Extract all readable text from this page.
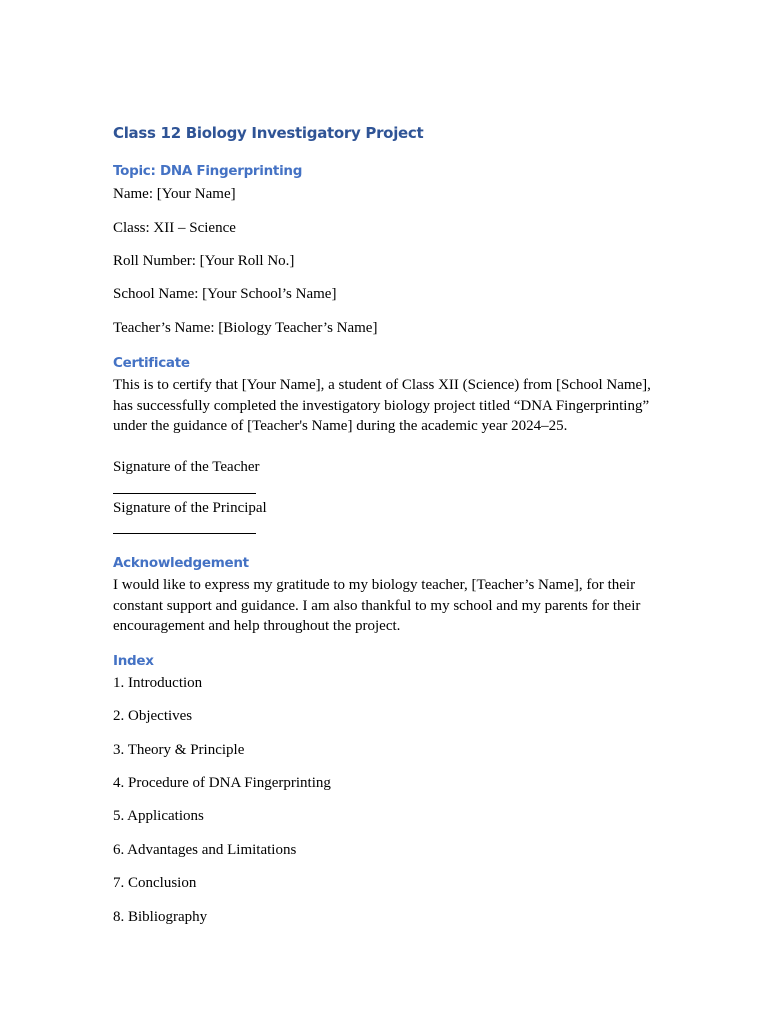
Class 12 Biology Investigatory Project
Topic: DNA Fingerprinting
Name: [Your Name]
Class: XII – Science
Roll Number: [Your Roll No.]
School Name: [Your School’s Name]
Teacher’s Name: [Biology Teacher’s Name]
Certificate
This is to certify that [Your Name], a student of Class XII (Science) from [School Name],
has successfully completed the investigatory biology project titled “DNA Fingerprinting”
under the guidance of [Teacher's Name] during the academic year 2024–25.
Signature of the Teacher
Signature of the Principal
Acknowledgement
I would like to express my gratitude to my biology teacher, [Teacher’s Name], for their
constant support and guidance. I am also thankful to my school and my parents for their
encouragement and help throughout the project.
Index
1. Introduction
2. Objectives
3. Theory & Principle
4. Procedure of DNA Fingerprinting
5. Applications
6. Advantages and Limitations
7. Conclusion
8. Bibliography
